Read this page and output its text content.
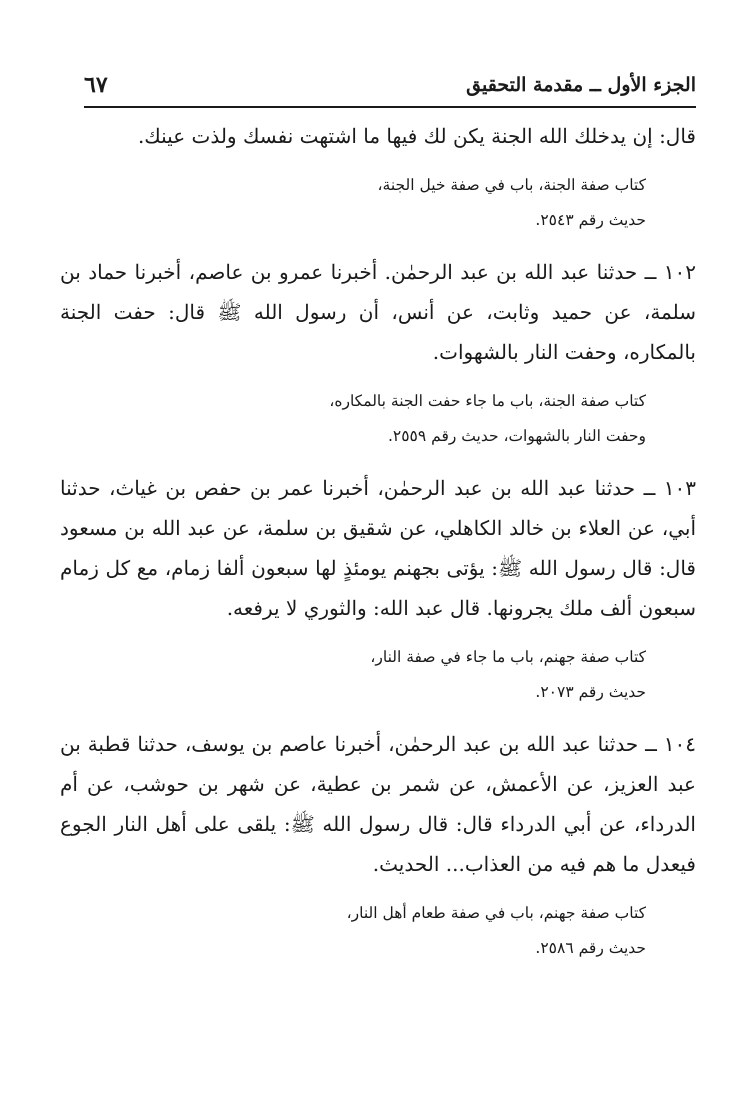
الجزء الأول ــ مقدمة التحقيق
٦٧

قال: إن يدخلك الله الجنة يكن لك فيها ما اشتهت نفسك ولذت عينك.

كتاب صفة الجنة، باب في صفة خيل الجنة،
حديث رقم ٢٥٤٣.

١٠٢ ــ حدثنا عبد الله بن عبد الرحمٰن. أخبرنا عمرو بن عاصم، أخبرنا حماد بن سلمة، عن حميد وثابت، عن أنس، أن رسول الله ﷺ قال: حفت الجنة بالمكاره، وحفت النار بالشهوات.

كتاب صفة الجنة، باب ما جاء حفت الجنة بالمكاره،
وحفت النار بالشهوات، حديث رقم ٢٥٥٩.

١٠٣ ــ حدثنا عبد الله بن عبد الرحمٰن، أخبرنا عمر بن حفص بن غياث، حدثنا أبي، عن العلاء بن خالد الكاهلي، عن شقيق بن سلمة، عن عبد الله بن مسعود قال: قال رسول الله ﷺ: يؤتى بجهنم يومئذٍ لها سبعون ألفا زمام، مع كل زمام سبعون ألف ملك يجرونها. قال عبد الله: والثوري لا يرفعه.

كتاب صفة جهنم، باب ما جاء في صفة النار،
حديث رقم ٢٠٧٣.

١٠٤ ــ حدثنا عبد الله بن عبد الرحمٰن، أخبرنا عاصم بن يوسف، حدثنا قطبة بن عبد العزيز، عن الأعمش، عن شمر بن عطية، عن شهر بن حوشب، عن أم الدرداء، عن أبي الدرداء قال: قال رسول الله ﷺ: يلقى على أهل النار الجوع فيعدل ما هم فيه من العذاب... الحديث.

كتاب صفة جهنم، باب في صفة طعام أهل النار،
حديث رقم ٢٥٨٦.
